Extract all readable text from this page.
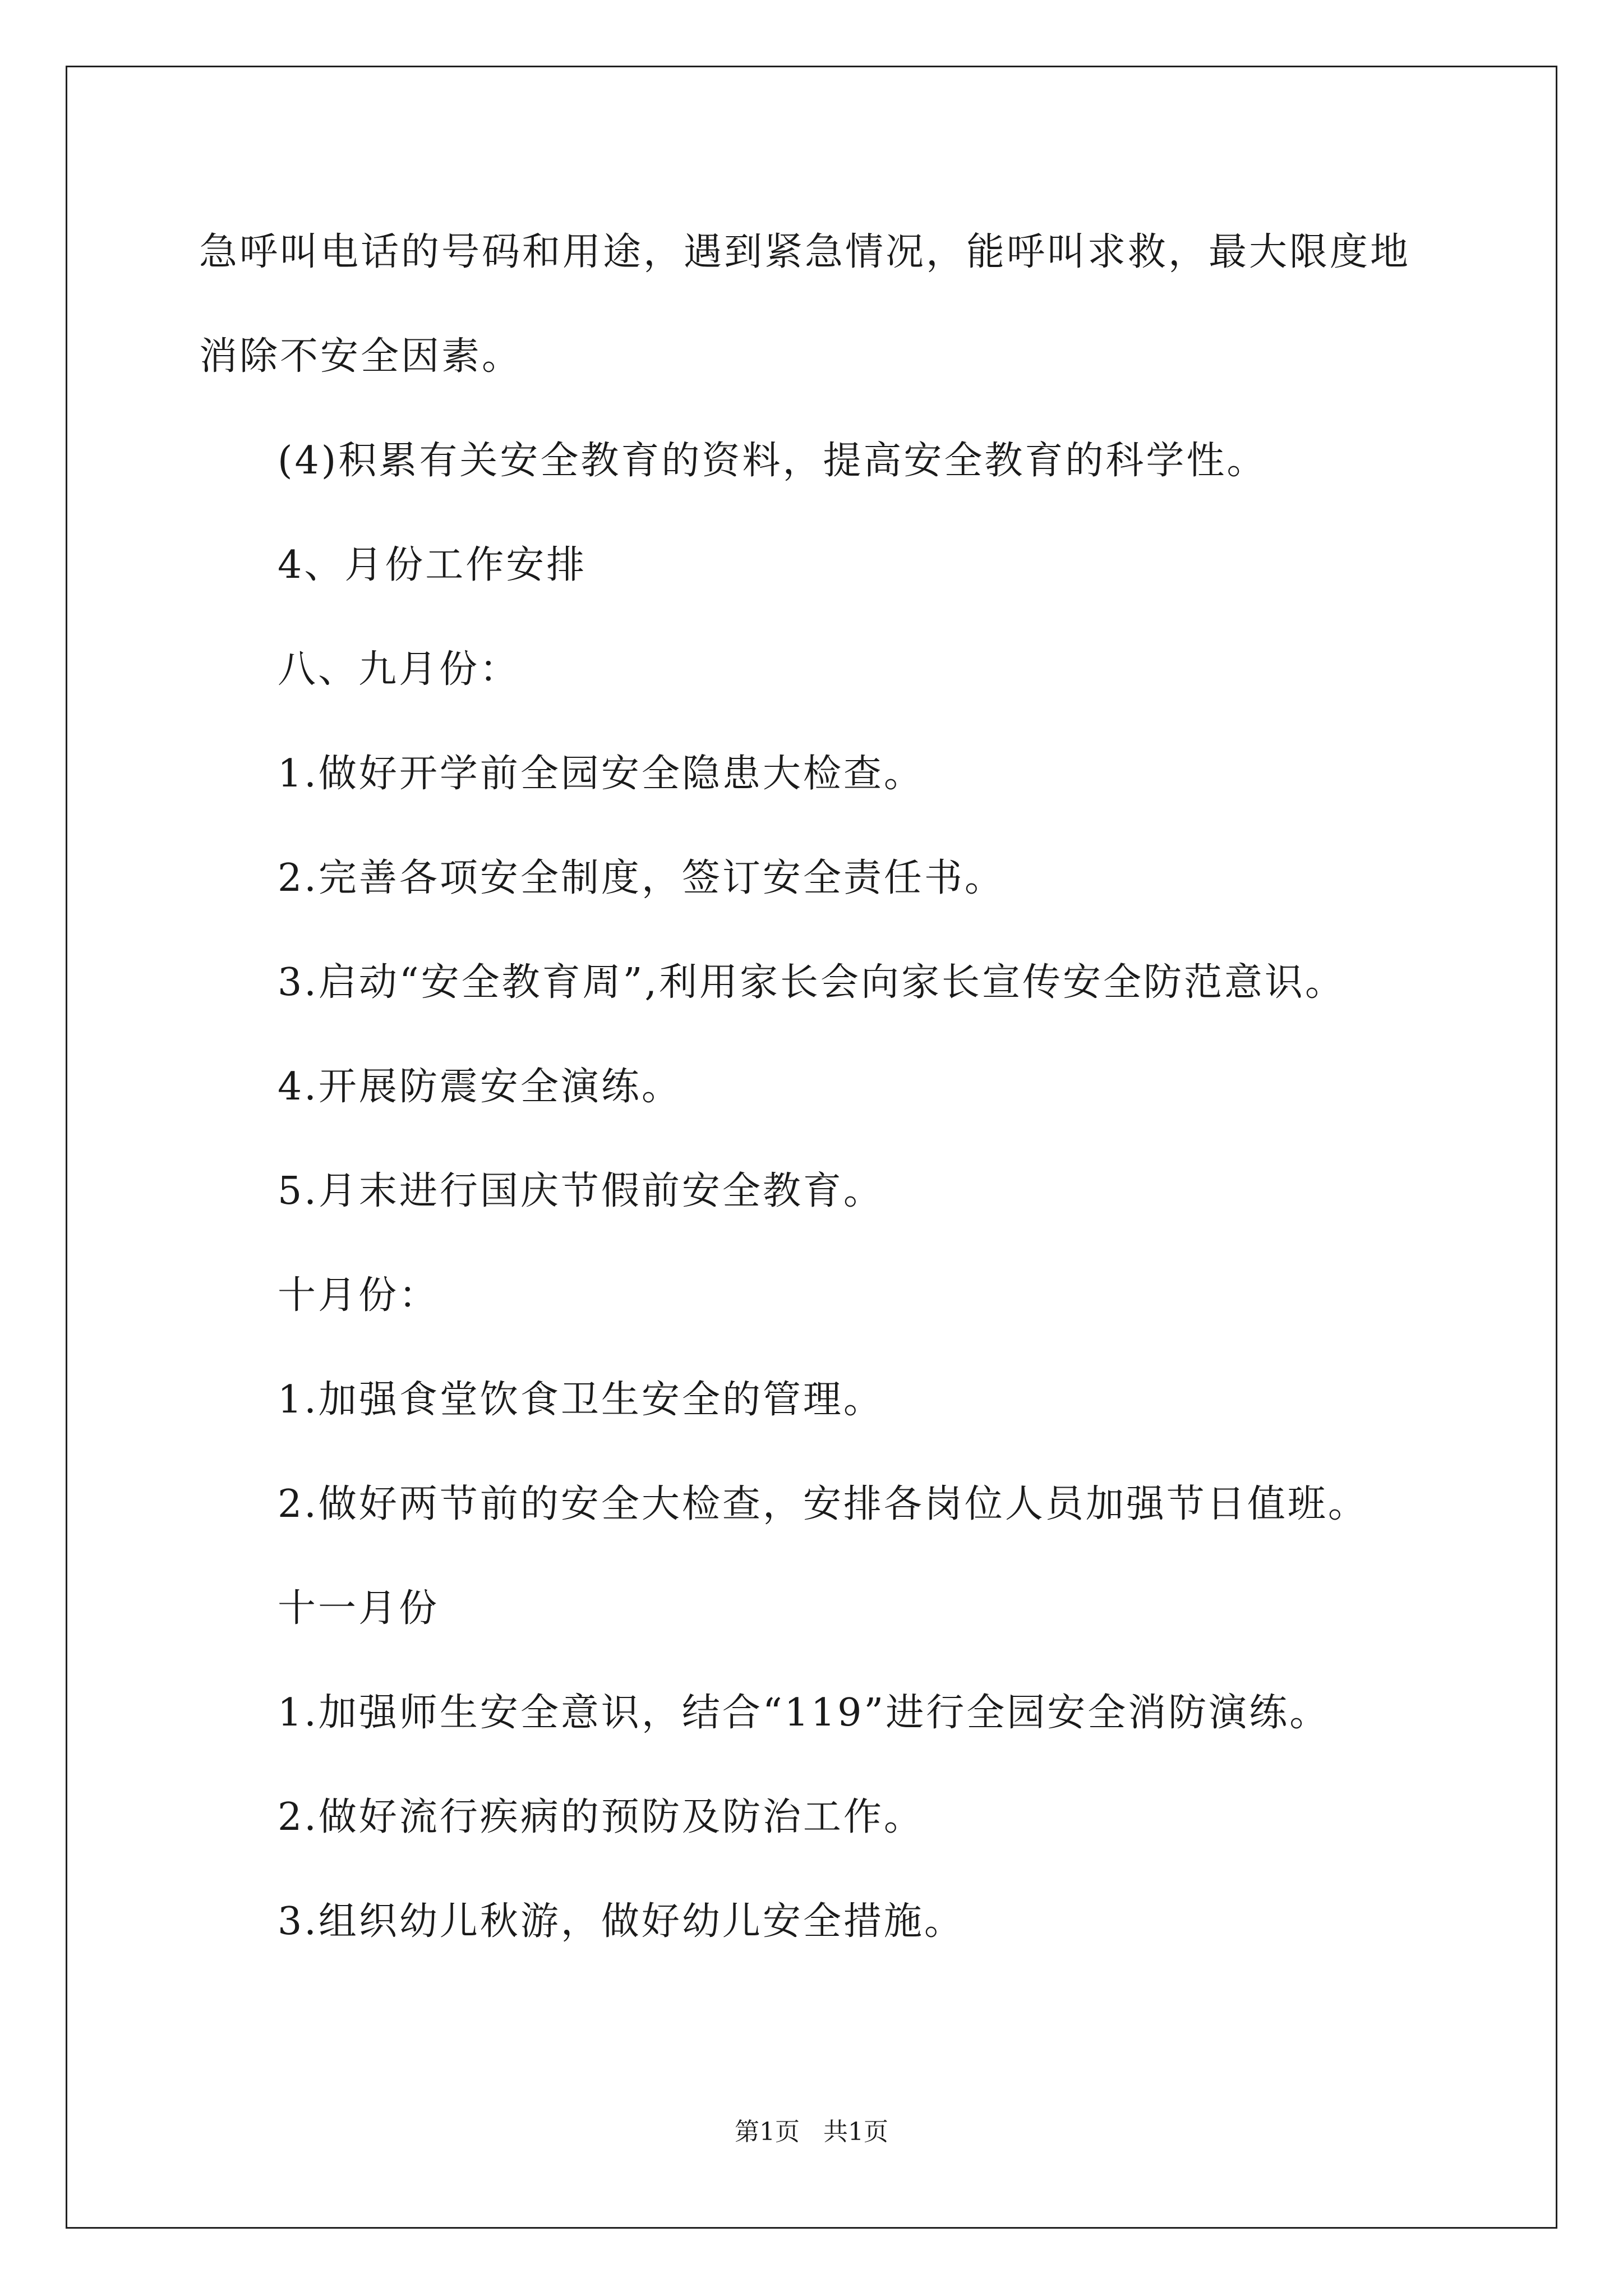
急呼叫电话的号码和用途，遇到紧急情况，能呼叫求救，最大限度地
消除不安全因素。
(4)积累有关安全教育的资料，提高安全教育的科学性。
4、月份工作安排
八、九月份：
1.做好开学前全园安全隐患大检查。
2.完善各项安全制度，签订安全责任书。
3.启动“安全教育周”,利用家长会向家长宣传安全防范意识。
4.开展防震安全演练。
5.月末进行国庆节假前安全教育。
十月份：
1.加强食堂饮食卫生安全的管理。
2.做好两节前的安全大检查，安排各岗位人员加强节日值班。
十一月份
1.加强师生安全意识，结合“119”进行全园安全消防演练。
2.做好流行疾病的预防及防治工作。
3.组织幼儿秋游，做好幼儿安全措施。
第1页   共1页
